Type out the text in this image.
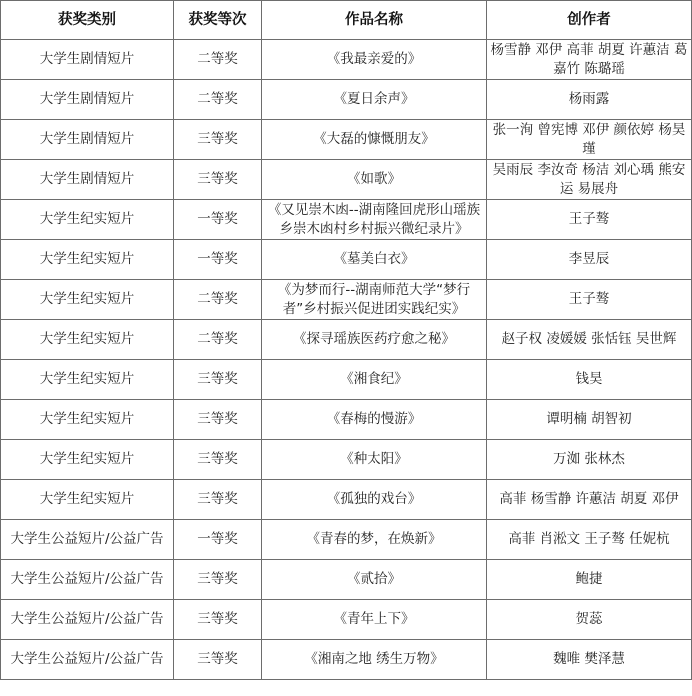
获奖类别	获奖等次	作品名称	创作者
大学生剧情短片	二等奖	《我最亲爱的》	杨雪静 邓伊 高菲 胡夏 许蕙洁 葛嘉竹 陈璐瑶
大学生剧情短片	二等奖	《夏日余声》	杨雨露
大学生剧情短片	三等奖	《大磊的慷慨朋友》	张一洵 曾宪博 邓伊 颜依婷 杨昊瑾
大学生剧情短片	三等奖	《如歌》	吴雨辰 李汝奇 杨洁 刘心瑀 熊安运 易展舟
大学生纪实短片	一等奖	《又见崇木凼--湖南隆回虎形山瑶族乡崇木凼村乡村振兴微纪录片》	王子骜
大学生纪实短片	一等奖	《墓美白衣》	李昱辰
大学生纪实短片	二等奖	《为梦而行--湖南师范大学“梦行者”乡村振兴促进团实践纪实》	王子骜
大学生纪实短片	二等奖	《探寻瑶族医药疗愈之秘》	赵子权 凌媛媛 张恬钰 吴世辉
大学生纪实短片	三等奖	《湘食纪》	钱昊
大学生纪实短片	三等奖	《春梅的慢游》	谭明楠 胡智初
大学生纪实短片	三等奖	《种太阳》	万洳 张林杰
大学生纪实短片	三等奖	《孤独的戏台》	高菲 杨雪静 许蕙洁 胡夏 邓伊
大学生公益短片/公益广告	一等奖	《青春的梦，在焕新》	高菲 肖淞文 王子骜 任妮杭
大学生公益短片/公益广告	三等奖	《贰拾》	鲍捷
大学生公益短片/公益广告	三等奖	《青年上下》	贺蕊
大学生公益短片/公益广告	三等奖	《湘南之地 绣生万物》	魏唯 樊泽慧
